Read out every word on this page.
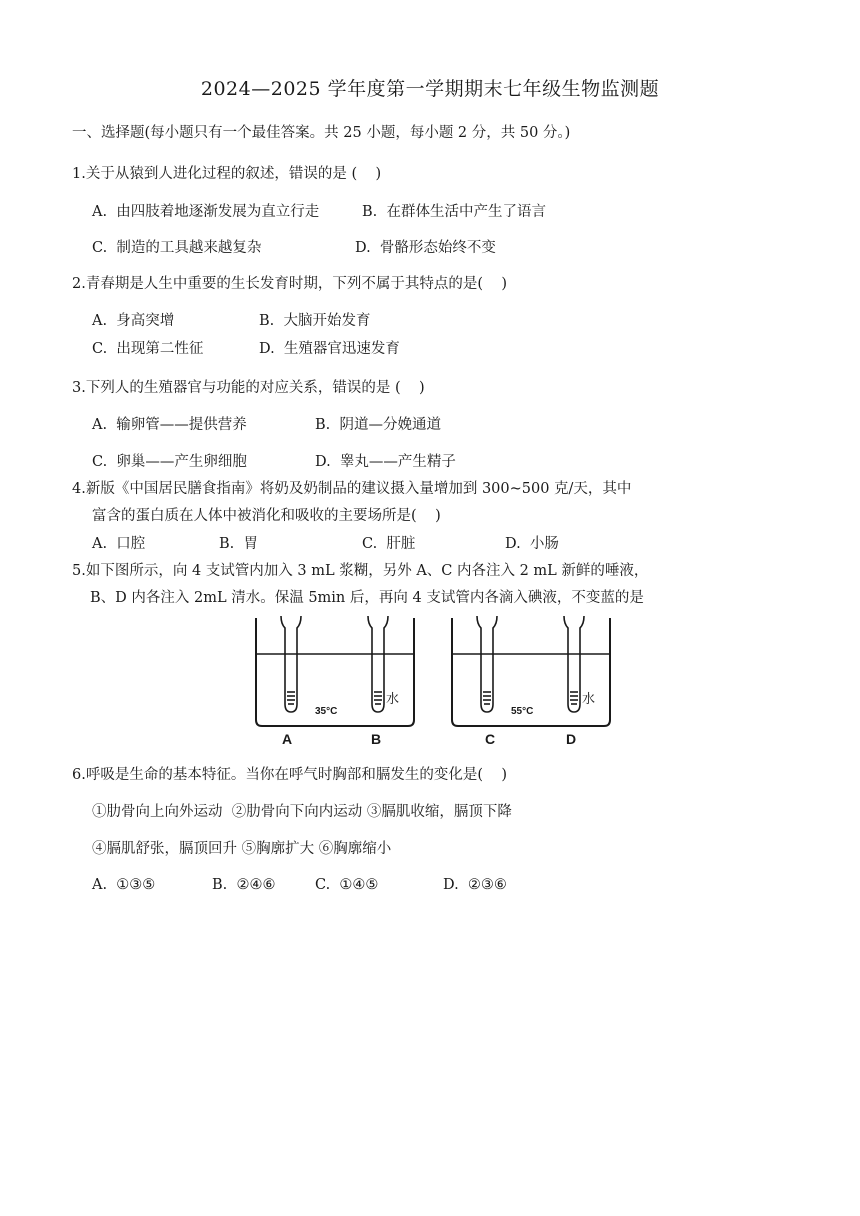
2024—2025 学年度第一学期期末七年级生物监测题
一、选择题(每小题只有一个最佳答案。共 25 小题，每小题 2 分，共 50 分。)
1.关于从猿到人进化过程的叙述，错误的是 (    )
A.  由四肢着地逐渐发展为直立行走	B.  在群体生活中产生了语言
C.  制造的工具越来越复杂	D.  骨骼形态始终不变
2.青春期是人生中重要的生长发育时期，下列不属于其特点的是(    )
A.  身高突增	B.  大脑开始发育
C.  出现第二性征	D.  生殖器官迅速发育
3.下列人的生殖器官与功能的对应关系，错误的是 (    )
A.  输卵管——提供营养	B.  阴道—分娩通道
C.  卵巢——产生卵细胞	D.  睾丸——产生精子
4.新版《中国居民膳食指南》将奶及奶制品的建议摄入量增加到 300~500 克/天，其中
富含的蛋白质在人体中被消化和吸收的主要场所是(    )
A.  口腔	B.  胃	C.  肝脏	D.  小肠
5.如下图所示，向 4 支试管内加入 3 mL 浆糊，另外 A、C 内各注入 2 mL 新鲜的唾液，
B、D 内各注入 2mL 清水。保温 5min 后，再向 4 支试管内各滴入碘液，不变蓝的是
35°C	55°C
水	水
A	B	C	D
6.呼吸是生命的基本特征。当你在呼气时胸部和膈发生的变化是(    )
①肋骨向上向外运动  ②肋骨向下向内运动 ③膈肌收缩，膈顶下降
④膈肌舒张，膈顶回升 ⑤胸廓扩大 ⑥胸廓缩小
A.  ①③⑤	B.  ②④⑥	C.  ①④⑤	D.  ②③⑥
